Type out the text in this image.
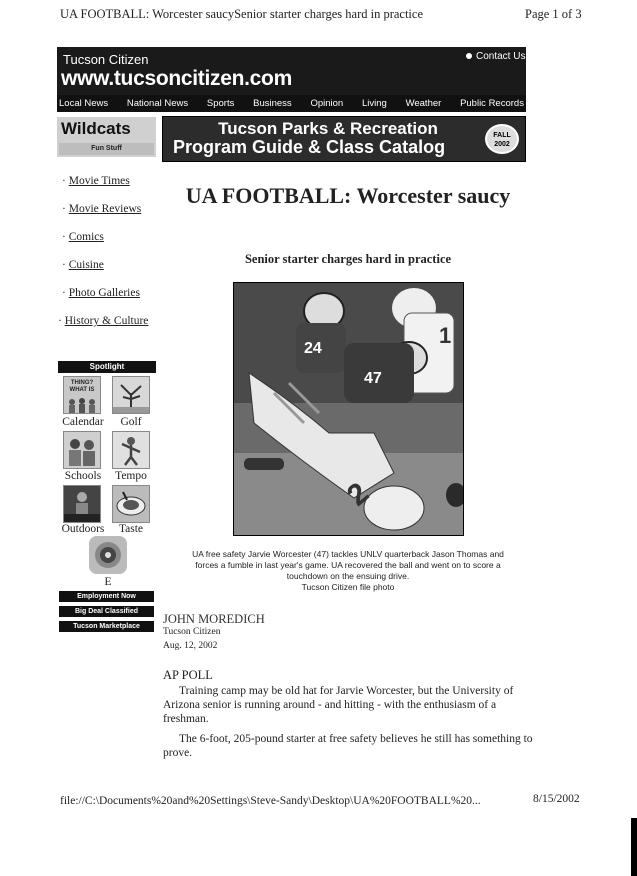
UA FOOTBALL: Worcester saucySenior starter charges hard in practice	Page 1 of 3
Tucson Citizen
www.tucsoncitizen.com
Contact Us
Local News National News Sports Business Opinion Living Weather Public Records
Wildcats
Fun Stuff
Tucson Parks & Recreation
Program Guide & Class Catalog
FALL
2002
· Movie Times
· Movie Reviews
· Comics
· Cuisine
· Photo Galleries
· History & Culture
Spotlight
THING? WHAT IS
Calendar	Golf
Schools	Tempo
Outdoors	Taste
E
Employment Now
Big Deal Classified
Tucson Marketplace
UA FOOTBALL: Worcester saucy
Senior starter charges hard in practice
24
1
47
2
UA free safety Jarvie Worcester (47) tackles UNLV quarterback Jason Thomas and
forces a fumble in last year's game. UA recovered the ball and went on to score a
touchdown on the ensuing drive.
Tucson Citizen file photo
JOHN MOREDICH
Tucson Citizen
Aug. 12, 2002
AP POLL

Training camp may be old hat for Jarvie Worcester, but the University of Arizona senior is running around - and hitting - with the enthusiasm of a freshman.

The 6-foot, 205-pound starter at free safety believes he still has something to prove.

file://C:\Documents%20and%20Settings\Steve-Sandy\Desktop\UA%20FOOTBALL%20...	8/15/2002
